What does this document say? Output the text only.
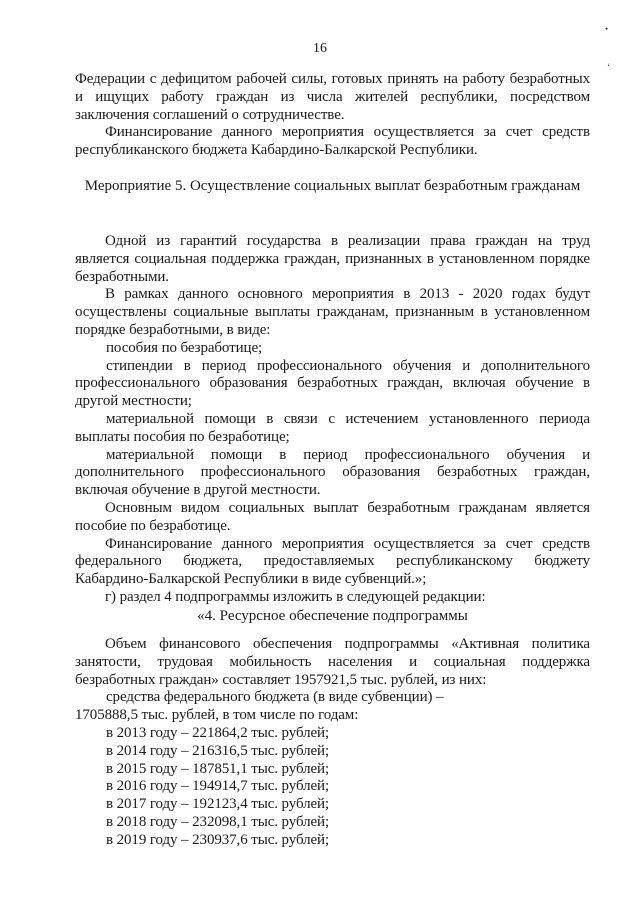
16
•
ʻ

Федерации с дефицитом рабочей силы, готовых принять на работу безработных и ищущих работу граждан из числа жителей республики, посредством заключения соглашений о сотрудничестве.

Финансирование данного мероприятия осуществляется за счет средств республиканского бюджета Кабардино-Балкарской Республики.

Мероприятие 5. Осуществление социальных выплат безработным гражданам

Одной из гарантий государства в реализации права граждан на труд является социальная поддержка граждан, признанных в установленном порядке безработными.

В рамках данного основного мероприятия в 2013 - 2020 годах будут осуществлены социальные выплаты гражданам, признанным в установленном порядке безработными, в виде:

пособия по безработице;

стипендии в период профессионального обучения и дополнительного профессионального образования безработных граждан, включая обучение в другой местности;

материальной помощи в связи с истечением установленного периода выплаты пособия по безработице;

материальной помощи в период профессионального обучения и дополнительного профессионального образования безработных граждан, включая обучение в другой местности.

Основным видом социальных выплат безработным гражданам является пособие по безработице.

Финансирование данного мероприятия осуществляется за счет средств федерального бюджета, предоставляемых республиканскому бюджету Кабардино-Балкарской Республики в виде субвенций.»;

г) раздел 4 подпрограммы изложить в следующей редакции:

«4. Ресурсное обеспечение подпрограммы

Объем финансового обеспечения подпрограммы «Активная политика занятости, трудовая мобильность населения и социальная поддержка безработных граждан» составляет 1957921,5 тыс. рублей, из них:

средства федерального бюджета (в виде субвенции) –

1705888,5 тыс. рублей, в том числе по годам:

в 2013 году – 221864,2 тыс. рублей;

в 2014 году – 216316,5 тыс. рублей;

в 2015 году – 187851,1 тыс. рублей;

в 2016 году – 194914,7 тыс. рублей;

в 2017 году – 192123,4 тыс. рублей;

в 2018 году – 232098,1 тыс. рублей;

в 2019 году – 230937,6 тыс. рублей;
